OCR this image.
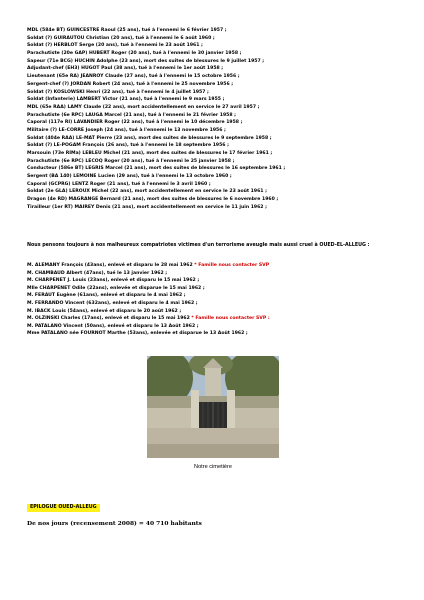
MDL (584e BT) GUINCESTRE Raoul (25 ans), tué à l'ennemi le 6 février 1957 ;
Soldat (?) GUIRAUTOU Christian (20 ans), tué à l'ennemi le 6 août 1960 ;
Soldat (?) HERBLOT Serge (20 ans), tué à l'ennemi le 23 août 1961 ;
Parachutiste (20e GAP) HUBERT Roger (20 ans), tué à l'ennemi le 30 janvier 1958 ;
Sapeur (71e BCG) HUCHIN Adolphe (23 ans), mort des suites de blessures le 9 juillet 1957 ;
Adjudant-chef (EH3) HUGOT Paul (38 ans), tué à l'ennemi le 1er août 1958 ;
Lieutenant (65e RA) JEANROY Claude (27 ans), tué à l'ennemi le 15 octobre 1956 ;
Sergent-chef (?) JORDAN Robert (24 ans), tué à l'ennemi le 25 novembre 1956 ;
Soldat (?) KOSLOWSKI Henri (22 ans), tué à l'ennemi le 4 juillet 1957 ;
Soldat (Infanterie) LAMBERT Victor (21 ans), tué à l'ennemi le 9 mars 1955 ;
MDL (65e RAA) LAMY Claude (22 ans), mort accidentellement en service le 27 avril 1957 ;
Parachutiste (6e RPC) LAUGA Marcel (21 ans), tué à l'ennemi le 21 février 1958 ;
Caporal (117e RI) LAVANDIER Roger (22 ans), tué à l'ennemi le 10 décembre 1958 ;
Militaire (?) LE-CORRE Joseph (24 ans), tué à l'ennemi le 13 novembre 1956 ;
Soldat (404e RAA) LE-MAT Pierre (23 ans), mort des suites de blessures le 9 septembre 1958 ;
Soldat (?) LE-POGAM François (26 ans), tué à l'ennemi le 18 septembre 1956 ;
Marsouin (73e RIMa) LEBLEU Michel (21 ans), mort des suites de blessures le 17 février 1961 ;
Parachutiste (6e RPC) LECOQ Roger (20 ans), tué à l'ennemi le 25 janvier 1958 ;
Conducteur (586e BT) LEGRIS Marcel (21 ans), mort des suites de blessures le 16 septembre 1961 ;
Sergent (BA 140) LEMOINE Lucien (29 ans), tué à l'ennemi le 13 octobre 1960 ;
Caporal (GCPRG) LENTZ Roger (21 ans), tué à l'ennemi le 3 avril 1960 ;
Soldat (2e GLA) LEROUX Michel (22 ans), mort accidentellement en service le 23 août 1961 ;
Dragon (4e RD) MAGRANGE Bernard (21 ans), mort des suites de blessures le 6 novembre 1960 ;
Tirailleur (1er RT) MAIREY Denis (21 ans), mort accidentellement en service le 11 juin 1962 ;
Nous pensons toujours à nos malheureux compatriotes victimes d'un terrorisme aveugle mais aussi cruel à OUED-EL-ALLEUG :
M. ALEMANY François (43ans), enlevé et disparu le 28 mai 1962 * Famille nous contacter SVP
M. CHAMBAUD Albert (47ans), tué le 13 janvier 1962 ;
M. CHARPENET J. Louis (23ans), enlevé et disparu le 15 mai 1962 ;
Mlle CHARPENET Odile (22ans), enlevée et disparue le 15 mai 1962 ;
M. FERAUT Eugène (61ans), enlevé et disparu le 4 mai 1962 ;
M. FERRANDO Vincent (632ans), enlevé et disparu le 4 mai 1962 ;
M. IBACK Louis (54ans), enlevé et disparu le 20 août 1962 ;
M. OLZINSKI Charles (17ans), enlevé et disparu le 15 mai 1962 * Famille nous contacter SVP :
M. PATALANO Vincent (50ans), enlevé et disparu le 13 Août 1962 ;
Mme PATALANO née FOURNOT Marthe (53ans), enlevée et disparue le 13 Août 1962 ;
Notre cimetière
EPILOGUE OUED-ALLEUG
De nos jours (recensement 2008) = 40 710 habitants
